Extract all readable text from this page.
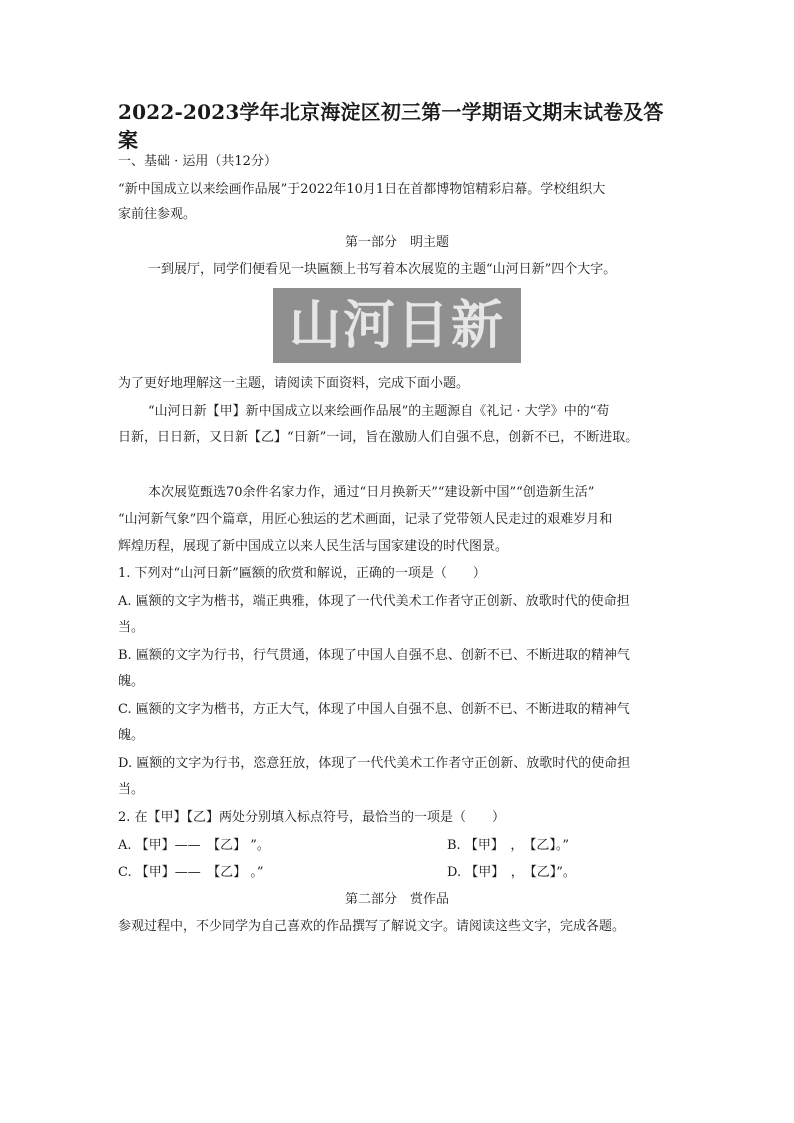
2022-2023学年北京海淀区初三第一学期语文期末试卷及答案
一、基础 · 运用（共12分）
“新中国成立以来绘画作品展”于2022年10月1日在首都博物馆精彩启幕。学校组织大
家前往参观。
第一部分　明主题
一到展厅，同学们便看见一块匾额上书写着本次展览的主题“山河日新”四个大字。
山河日新
为了更好地理解这一主题，请阅读下面资料，完成下面小题。
“山河日新【甲】新中国成立以来绘画作品展”的主题源自《礼记 · 大学》中的“苟
日新，日日新，又日新【乙】“日新”一词，旨在激励人们自强不息，创新不已，不断进取。
本次展览甄选70余件名家力作，通过“日月换新天”“建设新中国”“创造新生活”
“山河新气象”四个篇章，用匠心独运的艺术画面，记录了党带领人民走过的艰难岁月和
辉煌历程，展现了新中国成立以来人民生活与国家建设的时代图景。
1. 下列对“山河日新”匾额的欣赏和解说，正确的一项是（　　）
A. 匾额的文字为楷书，端正典雅，体现了一代代美术工作者守正创新、放歌时代的使命担
当。
B. 匾额的文字为行书，行气贯通，体现了中国人自强不息、创新不已、不断进取的精神气
魄。
C. 匾额的文字为楷书，方正大气，体现了中国人自强不息、创新不已、不断进取的精神气
魄。
D. 匾额的文字为行书，恣意狂放，体现了一代代美术工作者守正创新、放歌时代的使命担
当。
2. 在【甲】【乙】两处分别填入标点符号，最恰当的一项是（　　）
A. 【甲】——　【乙】 ”。	B. 【甲】　，　【乙】。”
C. 【甲】——　【乙】 。”	D. 【甲】　，　【乙】”。
第二部分　赏作品
参观过程中，不少同学为自己喜欢的作品撰写了解说文字。请阅读这些文字，完成各题。
